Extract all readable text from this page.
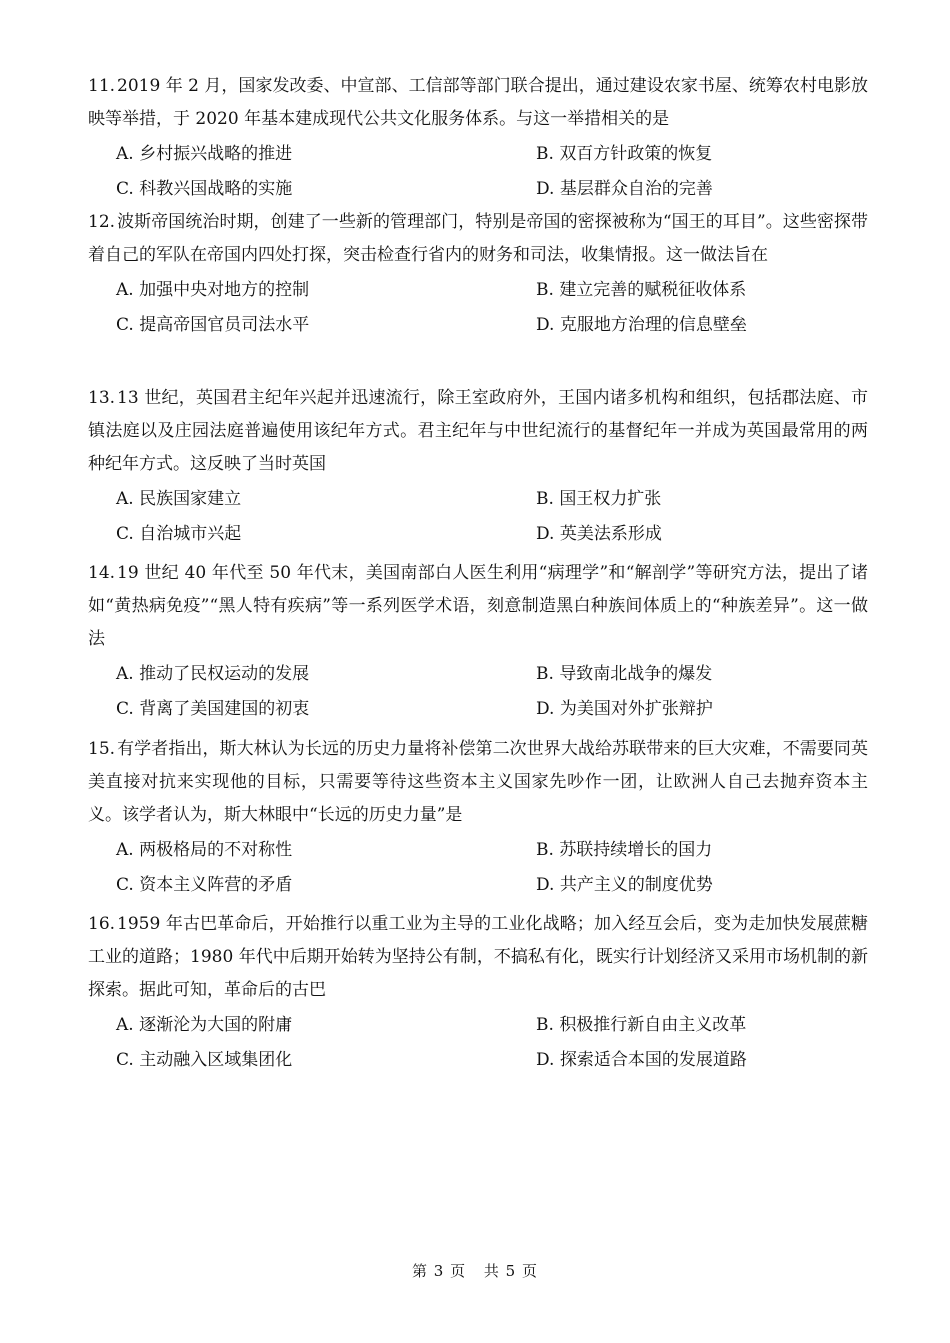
11. 2019 年 2 月，国家发改委、中宣部、工信部等部门联合提出，通过建设农家书屋、统筹农村电影放映等举措，于 2020 年基本建成现代公共文化服务体系。与这一举措相关的是

A. 乡村振兴战略的推进	B. 双百方针政策的恢复
C. 科教兴国战略的实施	D. 基层群众自治的完善

12. 波斯帝国统治时期，创建了一些新的管理部门，特别是帝国的密探被称为“国王的耳目”。这些密探带着自己的军队在帝国内四处打探，突击检查行省内的财务和司法，收集情报。这一做法旨在

A. 加强中央对地方的控制	B. 建立完善的赋税征收体系
C. 提高帝国官员司法水平	D. 克服地方治理的信息壁垒

13. 13 世纪，英国君主纪年兴起并迅速流行，除王室政府外，王国内诸多机构和组织，包括郡法庭、市镇法庭以及庄园法庭普遍使用该纪年方式。君主纪年与中世纪流行的基督纪年一并成为英国最常用的两种纪年方式。这反映了当时英国

A. 民族国家建立	B. 国王权力扩张
C. 自治城市兴起	D. 英美法系形成

14. 19 世纪 40 年代至 50 年代末，美国南部白人医生利用“病理学”和“解剖学”等研究方法，提出了诸如“黄热病免疫”“黑人特有疾病”等一系列医学术语，刻意制造黑白种族间体质上的“种族差异”。这一做法

A. 推动了民权运动的发展	B. 导致南北战争的爆发
C. 背离了美国建国的初衷	D. 为美国对外扩张辩护

15. 有学者指出，斯大林认为长远的历史力量将补偿第二次世界大战给苏联带来的巨大灾难，不需要同英美直接对抗来实现他的目标，只需要等待这些资本主义国家先吵作一团，让欧洲人自己去抛弃资本主义。该学者认为，斯大林眼中“长远的历史力量”是

A. 两极格局的不对称性	B. 苏联持续增长的国力
C. 资本主义阵营的矛盾	D. 共产主义的制度优势

16. 1959 年古巴革命后，开始推行以重工业为主导的工业化战略；加入经互会后，变为走加快发展蔗糖工业的道路；1980 年代中后期开始转为坚持公有制，不搞私有化，既实行计划经济又采用市场机制的新探索。据此可知，革命后的古巴

A. 逐渐沦为大国的附庸	B. 积极推行新自由主义改革
C. 主动融入区域集团化	D. 探索适合本国的发展道路
第 3 页 共 5 页
